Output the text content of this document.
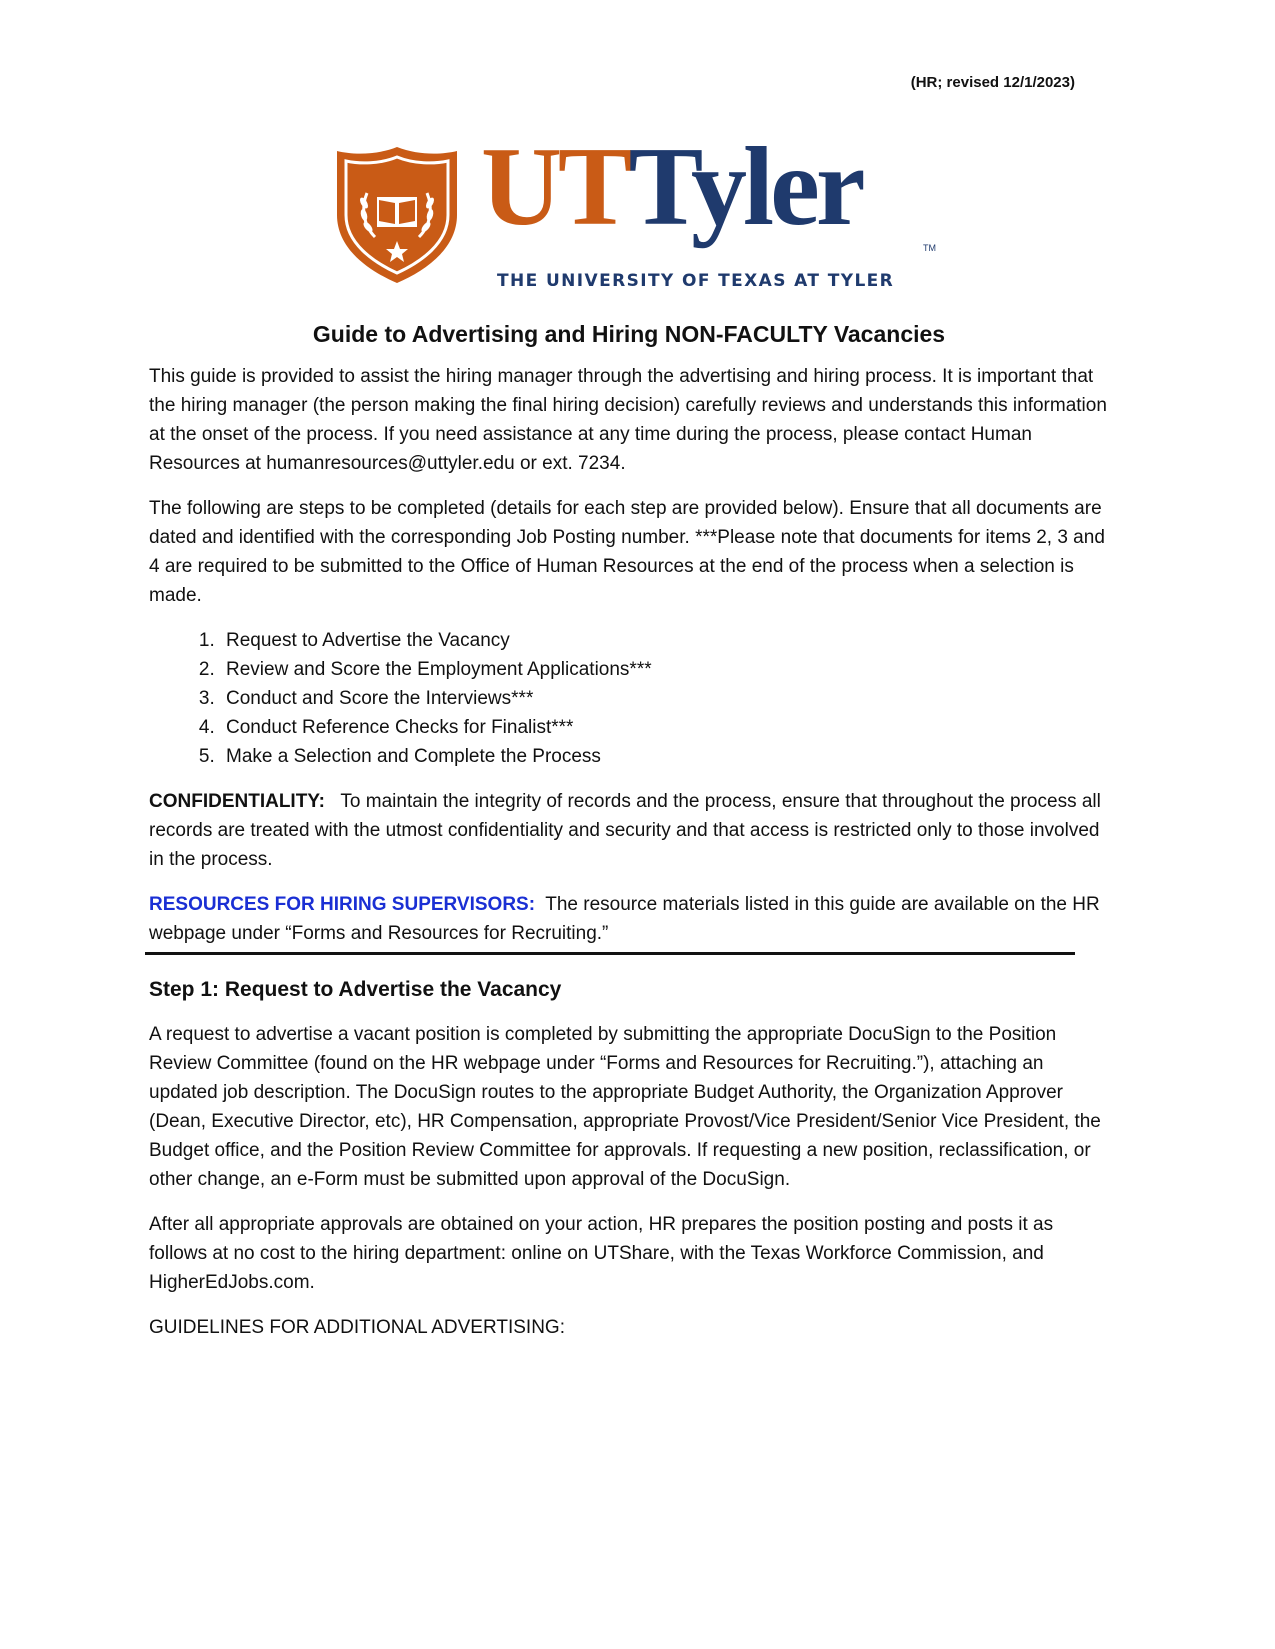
(HR; revised 12/1/2023)
UTTyler	TM
THE UNIVERSITY OF TEXAS AT TYLER
Guide to Advertising and Hiring NON-FACULTY Vacancies

This guide is provided to assist the hiring manager through the advertising and hiring process. It is important that the hiring manager (the person making the final hiring decision) carefully reviews and understands this information at the onset of the process. If you need assistance at any time during the process, please contact Human Resources at humanresources@uttyler.edu or ext. 7234.

The following are steps to be completed (details for each step are provided below). Ensure that all documents are dated and identified with the corresponding Job Posting number. ***Please note that documents for items 2, 3 and 4 are required to be submitted to the Office of Human Resources at the end of the process when a selection is made.

1. Request to Advertise the Vacancy
2. Review and Score the Employment Applications***
3. Conduct and Score the Interviews***
4. Conduct Reference Checks for Finalist***
5. Make a Selection and Complete the Process

CONFIDENTIALITY:   To maintain the integrity of records and the process, ensure that throughout the process all records are treated with the utmost confidentiality and security and that access is restricted only to those involved in the process.

RESOURCES FOR HIRING SUPERVISORS:  The resource materials listed in this guide are available on the HR webpage under “Forms and Resources for Recruiting.”

Step 1: Request to Advertise the Vacancy

A request to advertise a vacant position is completed by submitting the appropriate DocuSign to the Position Review Committee (found on the HR webpage under “Forms and Resources for Recruiting.”), attaching an updated job description. The DocuSign routes to the appropriate Budget Authority, the Organization Approver (Dean, Executive Director, etc), HR Compensation, appropriate Provost/Vice President/Senior Vice President, the Budget office, and the Position Review Committee for approvals. If requesting a new position, reclassification, or other change, an e-Form must be submitted upon approval of the DocuSign.

After all appropriate approvals are obtained on your action, HR prepares the position posting and posts it as follows at no cost to the hiring department: online on UTShare, with the Texas Workforce Commission, and HigherEdJobs.com.

GUIDELINES FOR ADDITIONAL ADVERTISING:
